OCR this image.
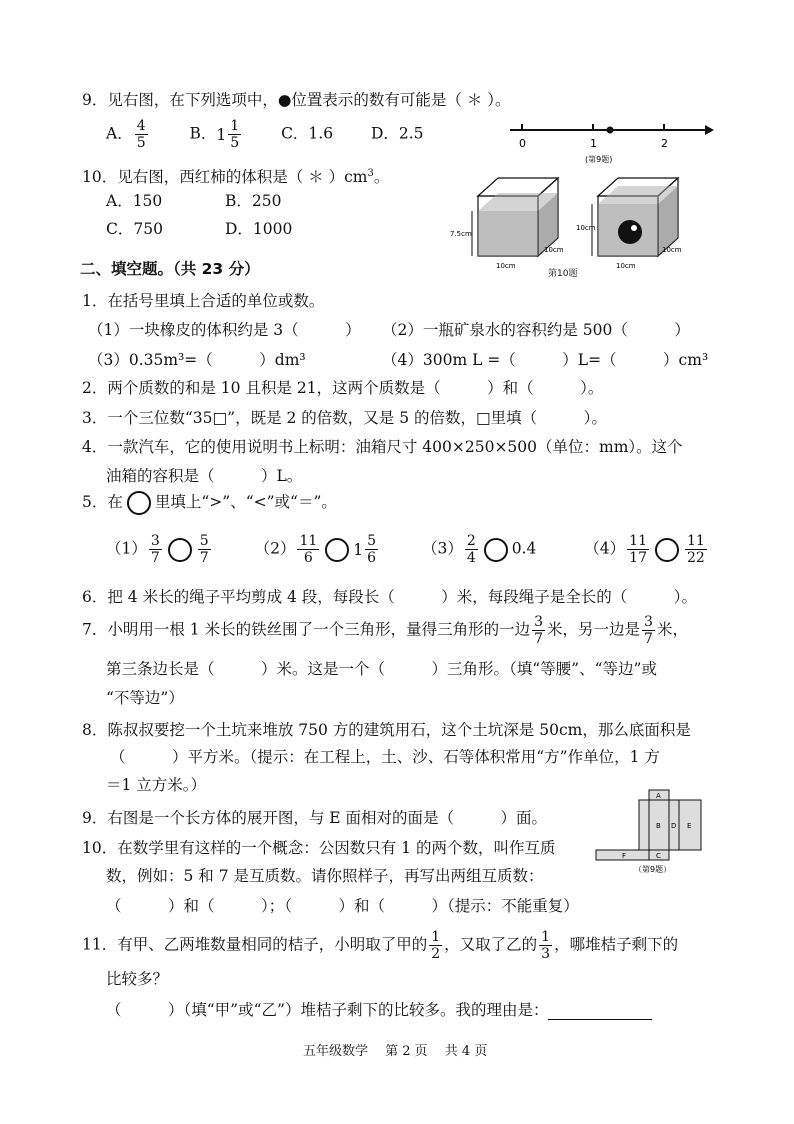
9．见右图，在下列选项中，●位置表示的数有可能是（ ＊ ）。
A． $\frac{4}{5}$	B．$1 \frac{1}{5}$	C．1.6 D．2.5
0	1	2
(第9题)
10．见右图，西红柿的体积是（ ＊ ）$cm^3$。
A．150	B．250
C．750	D．1000	7.5cm
10cm
10cm
10cm
10cm
10cm
第10题
二、填空题。（共 23 分）
1．在括号里填上合适的单位或数。
（1）一块橡皮的体积约是 3（　　　） （2）一瓶矿泉水的容积约是 500（　　　）
（3）0.35m³=（　　　）dm³	（4）300m L =（　　　）L=（　　　）cm³
2．两个质数的和是 10 且积是 21，这两个质数是（　　　）和（　　　）。
3．一个三位数“35□”，既是 2 的倍数，又是 5 的倍数，□里填（　　　）。
4．一款汽车，它的使用说明书上标明：油箱尺寸 400×250×500（单位：mm）。这个
油箱的容积是（　　　）L。
5．在 里填上“>”、“<”或“＝”。
$(1) \frac{3}{7}$	$\frac{5}{7}$	$(2) \frac{11}{6} 1 \frac{5}{6}$	$(3) \frac{2}{4} 0.4$	$(4) \frac{11}{17}$	$\frac{11}{22}$
6．把 4 米长的绳子平均剪成 4 段，每段长（　　　）米，每段绳子是全长的（　　　）。
7．小明用一根 1 米长的铁丝围了一个三角形，量得三角形的一边 $\frac{3}{7}$ 米，另一边是 $\frac{3}{7}$ 米，
第三条边长是（　　　）米。这是一个（　　　）三角形。（填“等腰”、“等边”或
“不等边”）
8．陈叔叔要挖一个土坑来堆放 750 方的建筑用石，这个土坑深是 50cm，那么底面积是
（　　　）平方米。（提示：在工程上，土、沙、石等体积常用“方”作单位，1 方
＝1 立方米。）
9．右图是一个长方体的展开图，与 E 面相对的面是（　　　）面。
A
B D E
C
F
（第9题）
10．在数学里有这样的一个概念：公因数只有 1 的两个数，叫作互质
数，例如：5 和 7 是互质数。请你照样子，再写出两组互质数：
（　　　）和（　　　）；（　　　）和（　　　）（提示：不能重复）
11．有甲、乙两堆数量相同的桔子，小明取了甲的 $\frac{1}{2}$ ，又取了乙的 $\frac{1}{3}$ ，哪堆桔子剩下的
比较多？
（　　　）（填“甲”或“乙”）堆桔子剩下的比较多。我的理由是：
五年级数学　 第 2 页　 共 4 页
